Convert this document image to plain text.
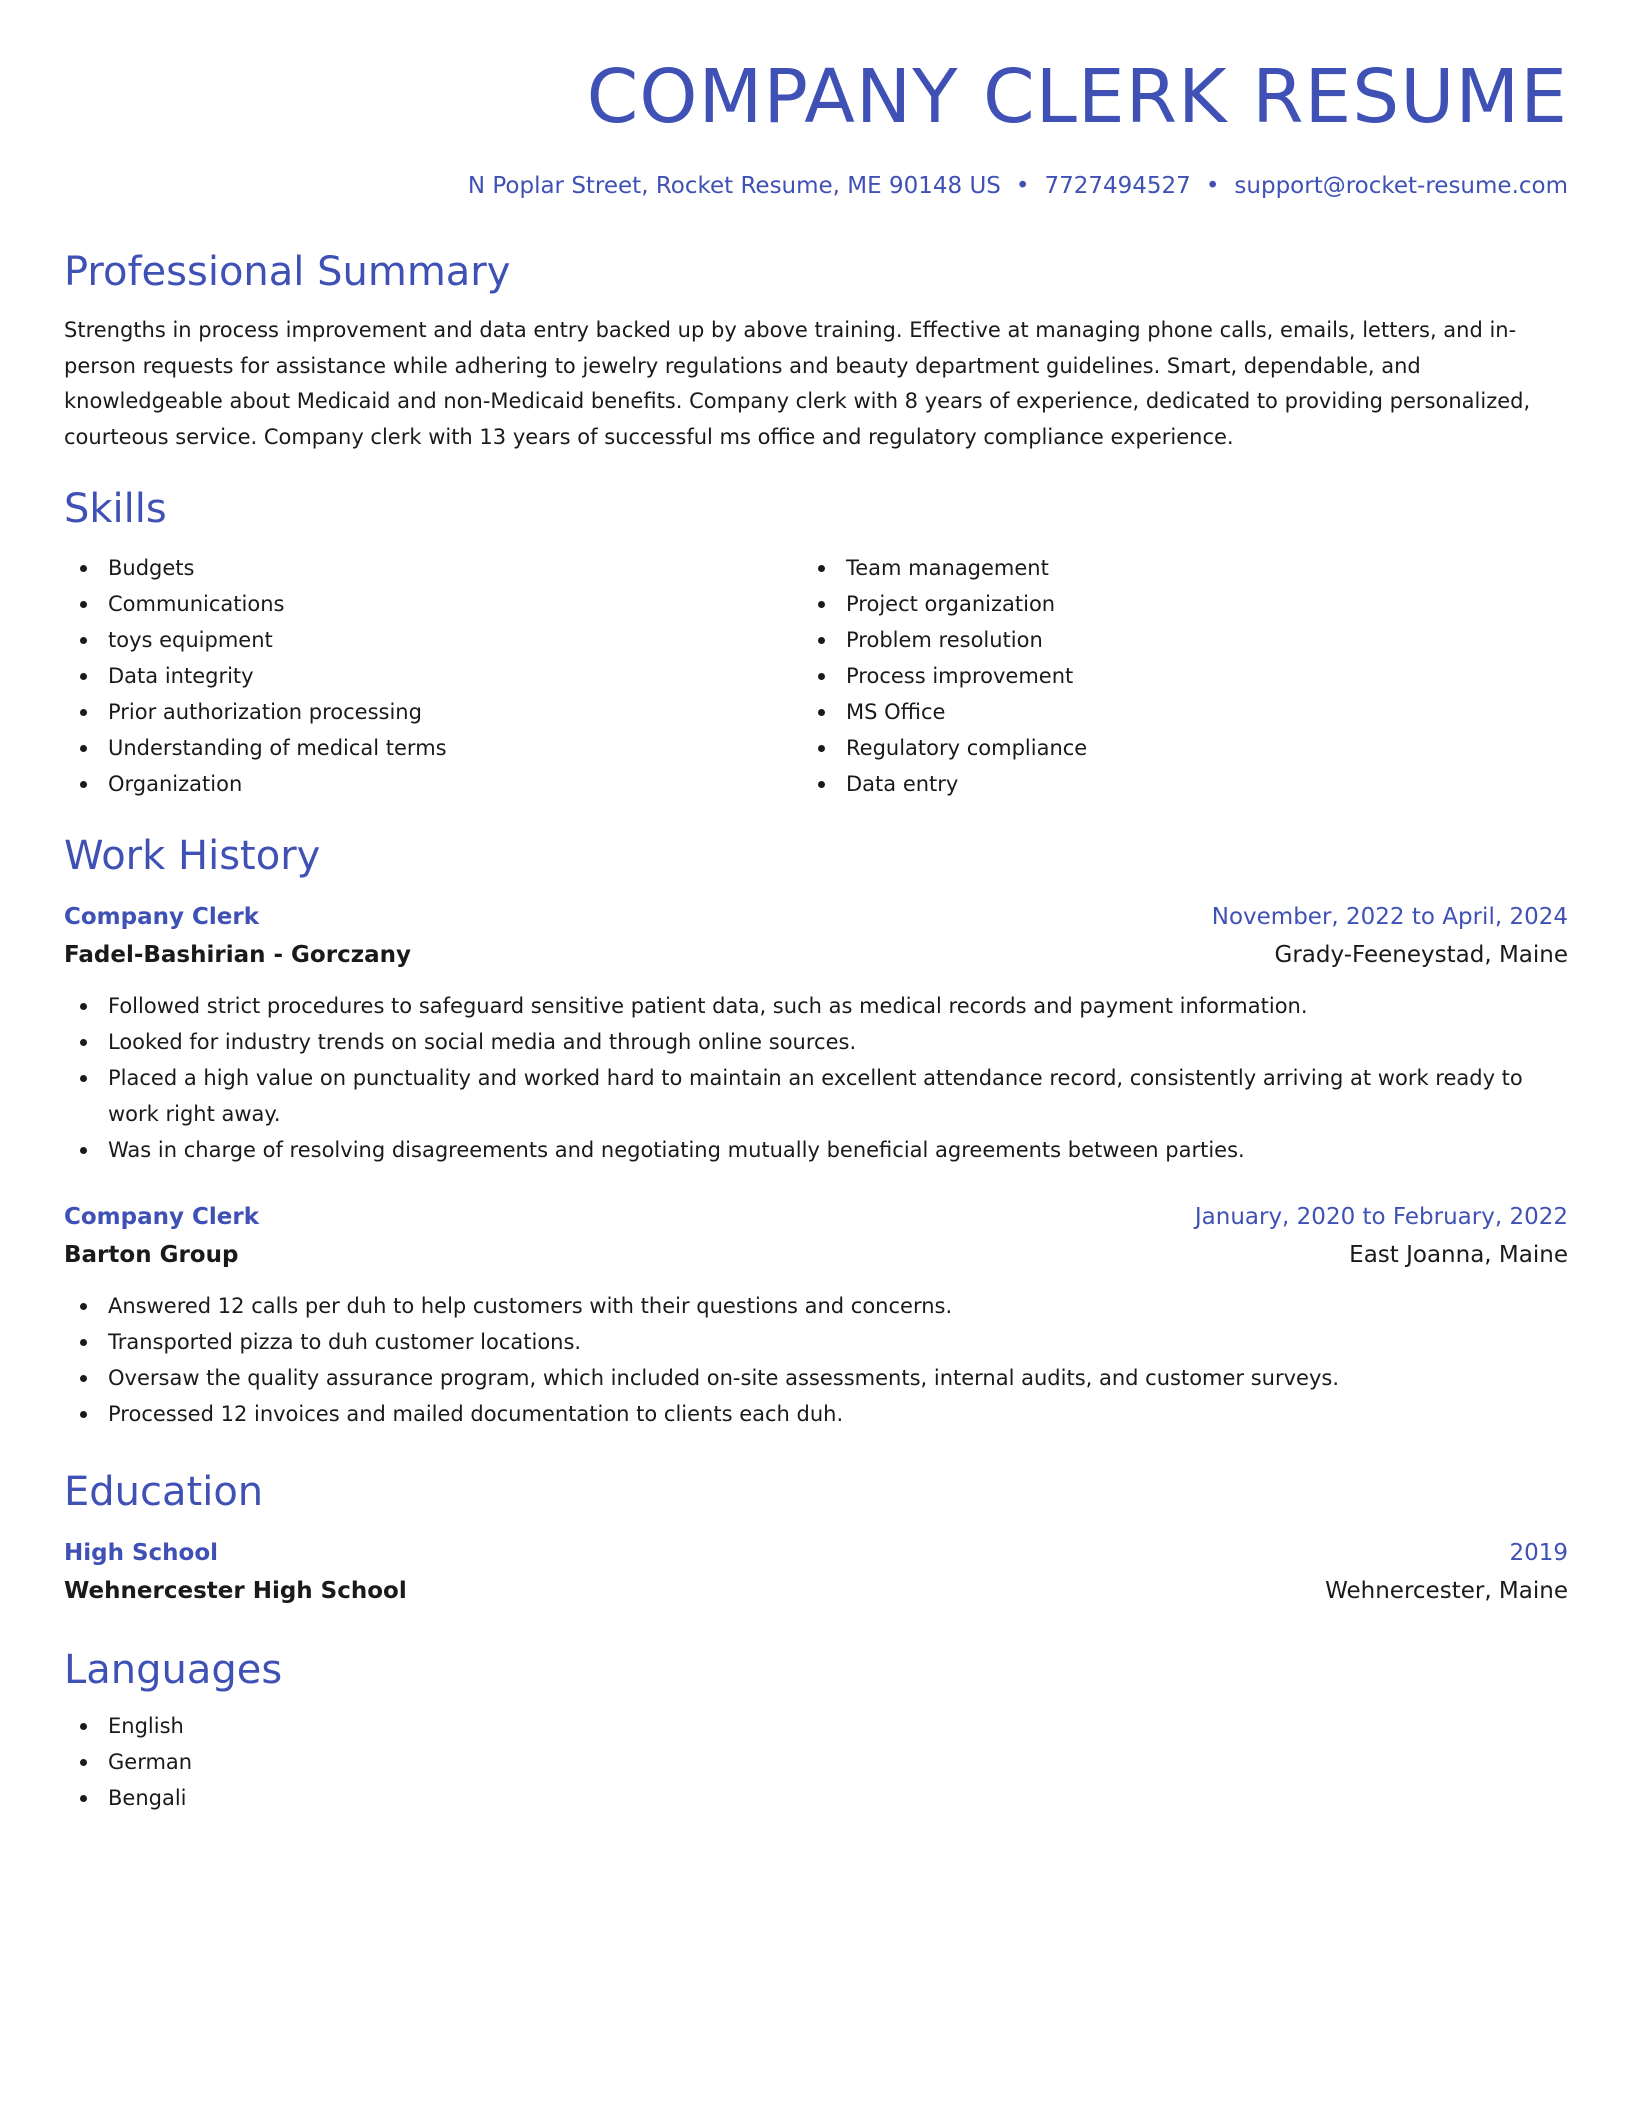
COMPANY CLERK RESUME
N Poplar Street, Rocket Resume, ME 90148 US • 7727494527 • support@rocket-resume.com
Professional Summary

Strengths in process improvement and data entry backed up by above training. Effective at managing phone calls, emails, letters, and in-person requests for assistance while adhering to jewelry regulations and beauty department guidelines. Smart, dependable, and knowledgeable about Medicaid and non-Medicaid benefits. Company clerk with 8 years of experience, dedicated to providing personalized, courteous service. Company clerk with 13 years of successful ms office and regulatory compliance experience.

Skills
Budgets
Communications
toys equipment
Data integrity
Prior authorization processing
Understanding of medical terms
Organization
Team management
Project organization
Problem resolution
Process improvement
MS Office
Regulatory compliance
Data entry
Work History
Company Clerk	November, 2022 to April, 2024
Fadel-Bashirian - Gorczany	Grady-Feeneystad, Maine
Followed strict procedures to safeguard sensitive patient data, such as medical records and payment information.
Looked for industry trends on social media and through online sources.
Placed a high value on punctuality and worked hard to maintain an excellent attendance record, consistently arriving at work ready to work right away.
Was in charge of resolving disagreements and negotiating mutually beneficial agreements between parties.
Company Clerk	January, 2020 to February, 2022
Barton Group	East Joanna, Maine
Answered 12 calls per duh to help customers with their questions and concerns.
Transported pizza to duh customer locations.
Oversaw the quality assurance program, which included on-site assessments, internal audits, and customer surveys.
Processed 12 invoices and mailed documentation to clients each duh.
Education
High School	2019
Wehnercester High School	Wehnercester, Maine
Languages
English
German
Bengali
